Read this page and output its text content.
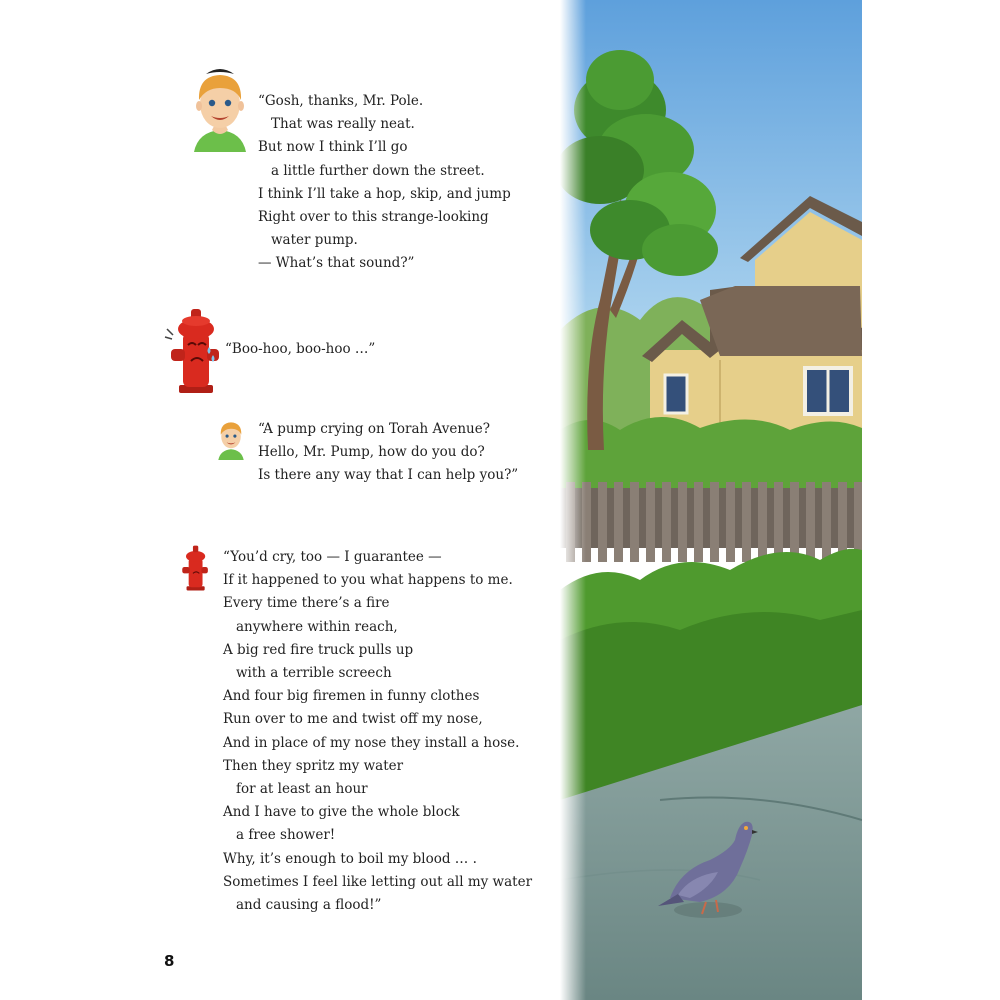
“Gosh, thanks, Mr. Pole.
That was really neat.
But now I think I’ll go
a little further down the street.
I think I’ll take a hop, skip, and jump
Right over to this strange-looking
water pump.
— What’s that sound?”
“Boo-hoo, boo-hoo …”
“A pump crying on Torah Avenue?
Hello, Mr. Pump, how do you do?
Is there any way that I can help you?”
“You’d cry, too — I guarantee —
If it happened to you what happens to me.
Every time there’s a fire
anywhere within reach,
A big red fire truck pulls up
with a terrible screech
And four big firemen in funny clothes
Run over to me and twist off my nose,
And in place of my nose they install a hose.
Then they spritz my water
for at least an hour
And I have to give the whole block
a free shower!
Why, it’s enough to boil my blood … .
Sometimes I feel like letting out all my water
and causing a flood!”
8
